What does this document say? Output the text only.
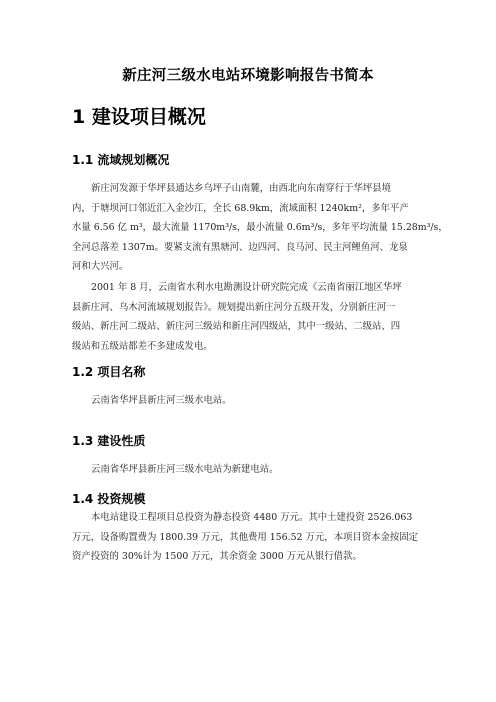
新庄河三级水电站环境影响报告书简本
1 建设项目概况
1.1 流域规划概况
新庄河发源于华坪县通达乡乌坪子山南麓，由西北向东南穿行于华坪县境
内，于塘坝河口邻近汇入金沙江，全长 68.9km，流域面积 1240km²，多年平产
水量 6.56 亿 m³，最大流量 1170m³/s，最小流量 0.6m³/s，多年平均流量 15.28m³/s，
全河总落差 1307m。要紧支流有黑塘河、边四河、良马河、民主河鲤鱼河、龙泉
河和大兴河。
2001 年 8 月，云南省水利水电勘测设计研究院完成《云南省丽江地区华坪
县新庄河、乌木河流域规划报告》。规划提出新庄河分五级开发，分别新庄河一
级站、新庄河二级站、新庄河三级站和新庄河四级站，其中一级站、二级站、四
级站和五级站都差不多建成发电。
1.2 项目名称
云南省华坪县新庄河三级水电站。
1.3 建设性质
云南省华坪县新庄河三级水电站为新建电站。
1.4 投资规模
本电站建设工程项目总投资为静态投资 4480 万元。其中土建投资 2526.063
万元，设备购置费为 1800.39 万元，其他费用 156.52 万元，本项目资本金按固定
资产投资的 30%计为 1500 万元，其余资金 3000 万元从银行借款。
